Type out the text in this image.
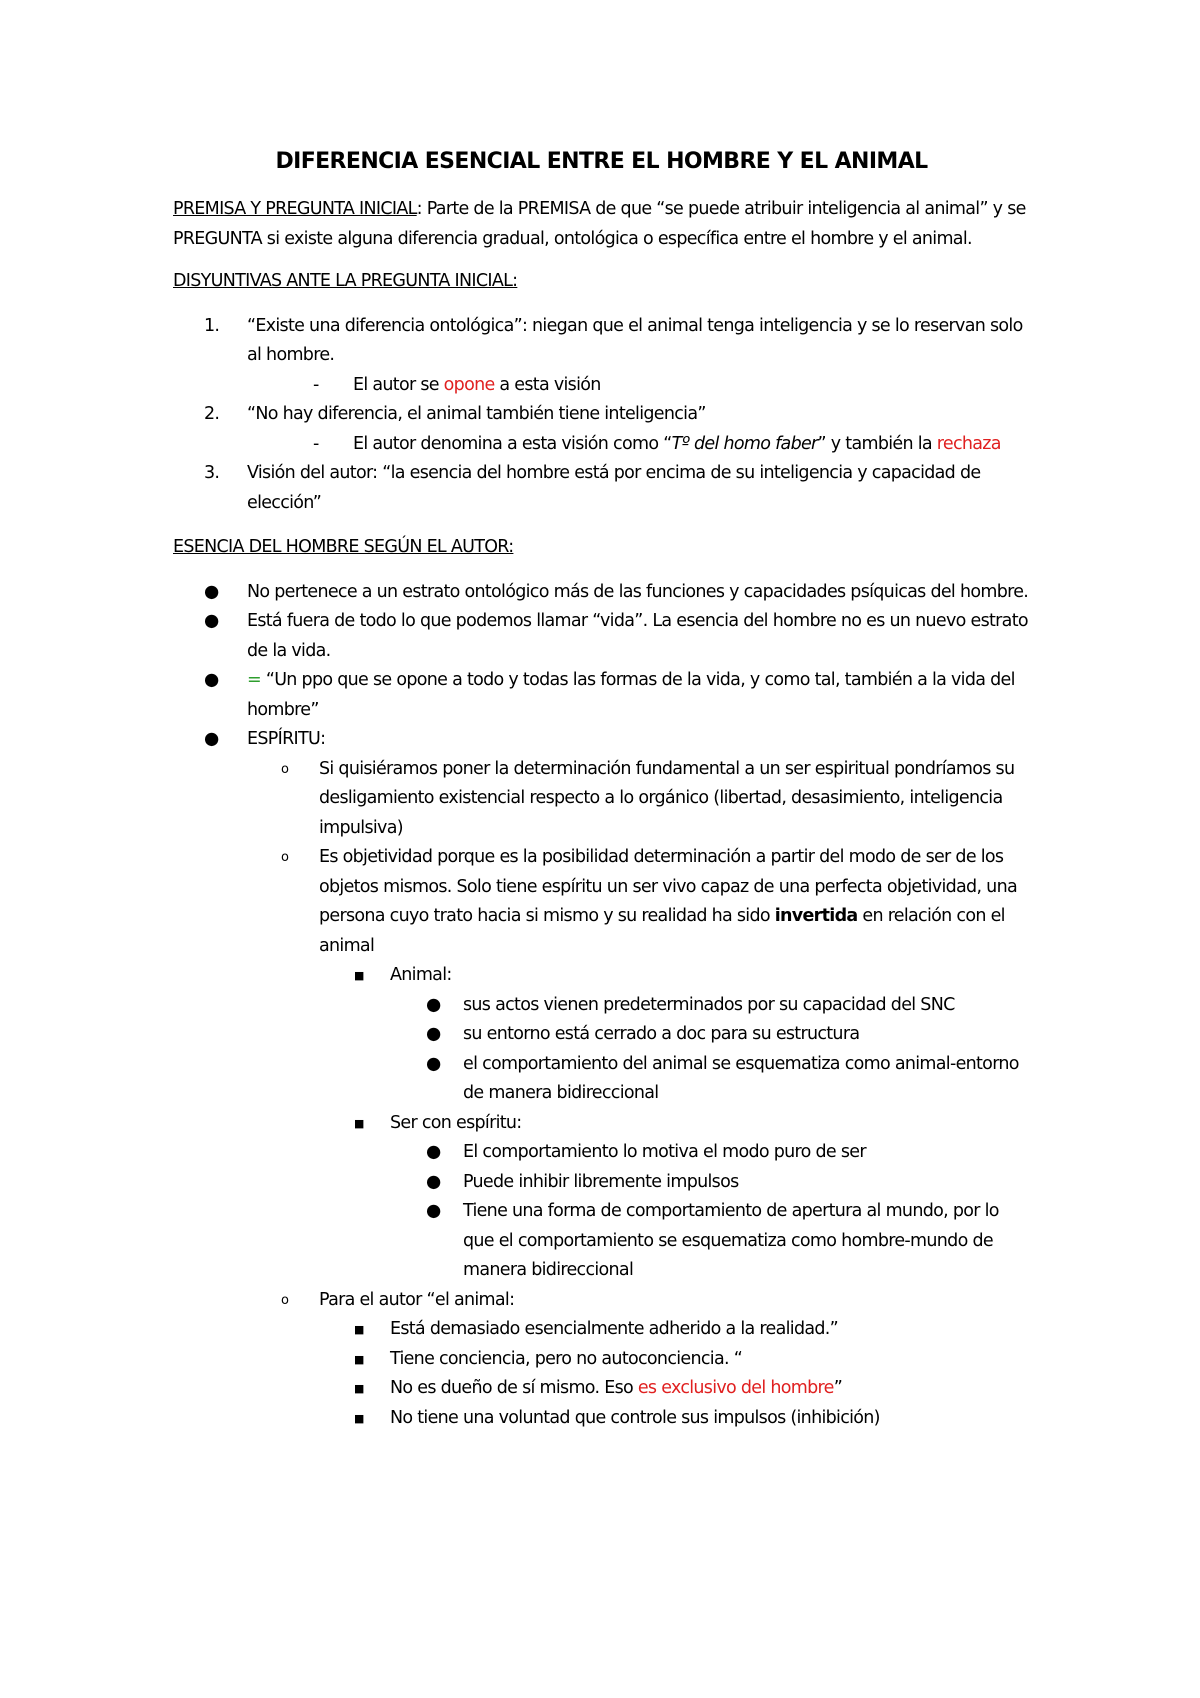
DIFERENCIA ESENCIAL ENTRE EL HOMBRE Y EL ANIMAL

PREMISA Y PREGUNTA INICIAL: Parte de la PREMISA de que “se puede atribuir inteligencia al animal” y se PREGUNTA si existe alguna diferencia gradual, ontológica o específica entre el hombre y el animal.

DISYUNTIVAS ANTE LA PREGUNTA INICIAL:

1. “Existe una diferencia ontológica”: niegan que el animal tenga inteligencia y se lo reservan solo al hombre.
- El autor se opone a esta visión
2. “No hay diferencia, el animal también tiene inteligencia”
- El autor denomina a esta visión como “Tº del homo faber” y también la rechaza
3. Visión del autor: “la esencia del hombre está por encima de su inteligencia y capacidad de elección”

ESENCIA DEL HOMBRE SEGÚN EL AUTOR:

● No pertenece a un estrato ontológico más de las funciones y capacidades psíquicas del hombre.
● Está fuera de todo lo que podemos llamar “vida”. La esencia del hombre no es un nuevo estrato de la vida.
● = “Un ppo que se opone a todo y todas las formas de la vida, y como tal, también a la vida del hombre”
● ESPÍRITU:
o Si quisiéramos poner la determinación fundamental a un ser espiritual pondríamos su desligamiento existencial respecto a lo orgánico (libertad, desasimiento, inteligencia impulsiva)
o Es objetividad porque es la posibilidad determinación a partir del modo de ser de los objetos mismos. Solo tiene espíritu un ser vivo capaz de una perfecta objetividad, una persona cuyo trato hacia si mismo y su realidad ha sido invertida en relación con el animal
■ Animal:
● sus actos vienen predeterminados por su capacidad del SNC
● su entorno está cerrado a doc para su estructura
● el comportamiento del animal se esquematiza como animal-entorno de manera bidireccional
■ Ser con espíritu:
● El comportamiento lo motiva el modo puro de ser
● Puede inhibir libremente impulsos
● Tiene una forma de comportamiento de apertura al mundo, por lo que el comportamiento se esquematiza como hombre-mundo de manera bidireccional
o Para el autor “el animal:
■ Está demasiado esencialmente adherido a la realidad.”
■ Tiene conciencia, pero no autoconciencia. “
■ No es dueño de sí mismo. Eso es exclusivo del hombre”
■ No tiene una voluntad que controle sus impulsos (inhibición)
